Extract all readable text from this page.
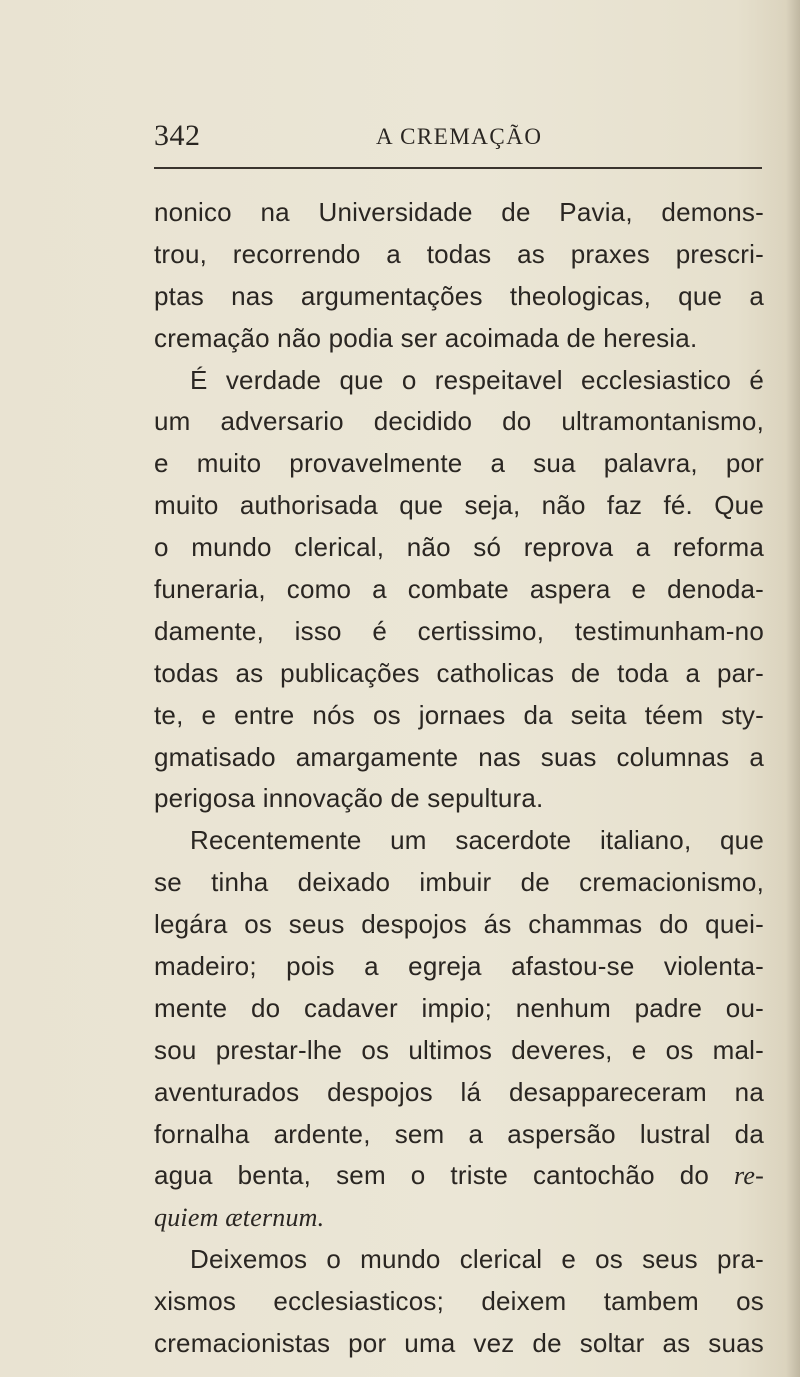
342	A CREMAÇÃO
nonico na Universidade de Pavia, demons-
trou, recorrendo a todas as praxes prescri-
ptas nas argumentações theologicas, que a
cremação não podia ser acoimada de heresia.
É verdade que o respeitavel ecclesiastico é
um adversario decidido do ultramontanismo,
e muito provavelmente a sua palavra, por
muito authorisada que seja, não faz fé. Que
o mundo clerical, não só reprova a reforma
funeraria, como a combate aspera e denoda-
damente, isso é certissimo, testimunham-no
todas as publicações catholicas de toda a par-
te, e entre nós os jornaes da seita téem sty-
gmatisado amargamente nas suas columnas a
perigosa innovação de sepultura.
Recentemente um sacerdote italiano, que
se tinha deixado imbuir de cremacionismo,
legára os seus despojos ás chammas do quei-
madeiro; pois a egreja afastou-se violenta-
mente do cadaver impio; nenhum padre ou-
sou prestar-lhe os ultimos deveres, e os mal-
aventurados despojos lá desappareceram na
fornalha ardente, sem a aspersão lustral da
agua benta, sem o triste cantochão do re-
quiem æternum.
Deixemos o mundo clerical e os seus pra-
xismos ecclesiasticos; deixem tambem os
cremacionistas por uma vez de soltar as suas
